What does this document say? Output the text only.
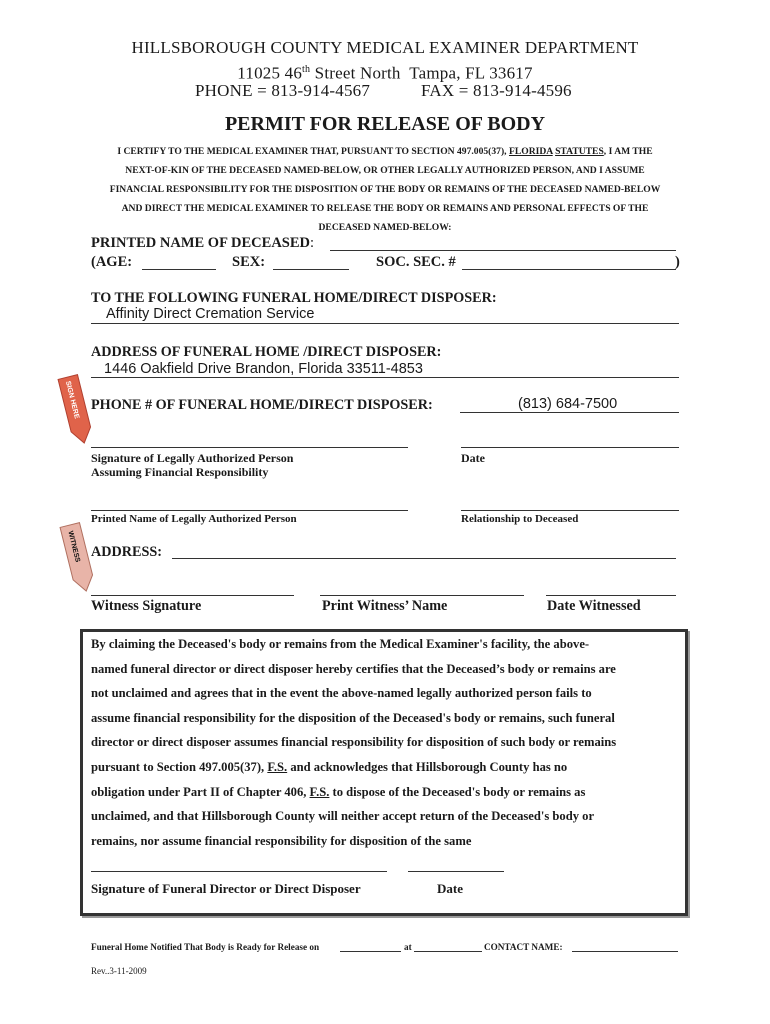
HILLSBOROUGH COUNTY MEDICAL EXAMINER DEPARTMENT
11025 46th Street North  Tampa, FL 33617
PHONE = 813-914-4567	FAX = 813-914-4596
PERMIT FOR RELEASE OF BODY
I CERTIFY TO THE MEDICAL EXAMINER THAT, PURSUANT TO SECTION 497.005(37), FLORIDA STATUTES, I AM THE
NEXT-OF-KIN OF THE DECEASED NAMED-BELOW, OR OTHER LEGALLY AUTHORIZED PERSON, AND I ASSUME
FINANCIAL RESPONSIBILITY FOR THE DISPOSITION OF THE BODY OR REMAINS OF THE DECEASED NAMED-BELOW
AND DIRECT THE MEDICAL EXAMINER TO RELEASE THE BODY OR REMAINS AND PERSONAL EFFECTS OF THE
DECEASED NAMED-BELOW:
PRINTED NAME OF DECEASED:
(AGE:	SEX:	SOC. SEC. #	)
TO THE FOLLOWING FUNERAL HOME/DIRECT DISPOSER:
Affinity Direct Cremation Service
ADDRESS OF FUNERAL HOME /DIRECT DISPOSER:
1446 Oakfield Drive Brandon, Florida 33511-4853
PHONE # OF FUNERAL HOME/DIRECT DISPOSER:	(813) 684-7500
SIGN HERE
Signature of Legally Authorized Person
Assuming Financial Responsibility
Date
Printed Name of Legally Authorized Person	Relationship to Deceased
WITNESS ADDRESS:
Witness Signature	Print Witness’ Name	Date Witnessed
By claiming the Deceased's body or remains from the Medical Examiner's facility, the above-
named funeral director or direct disposer hereby certifies that the Deceased’s body or remains are
not unclaimed and agrees that in the event the above-named legally authorized person fails to
assume financial responsibility for the disposition of the Deceased's body or remains, such funeral
director or direct disposer assumes financial responsibility for disposition of such body or remains
pursuant to Section 497.005(37), F.S. and acknowledges that Hillsborough County has no
obligation under Part II of Chapter 406, F.S. to dispose of the Deceased's body or remains as
unclaimed, and that Hillsborough County will neither accept return of the Deceased's body or
remains, nor assume financial responsibility for disposition of the same
Signature of Funeral Director or Direct Disposer	Date
Funeral Home Notified That Body is Ready for Release on	at	CONTACT NAME:
Rev..3-11-2009
